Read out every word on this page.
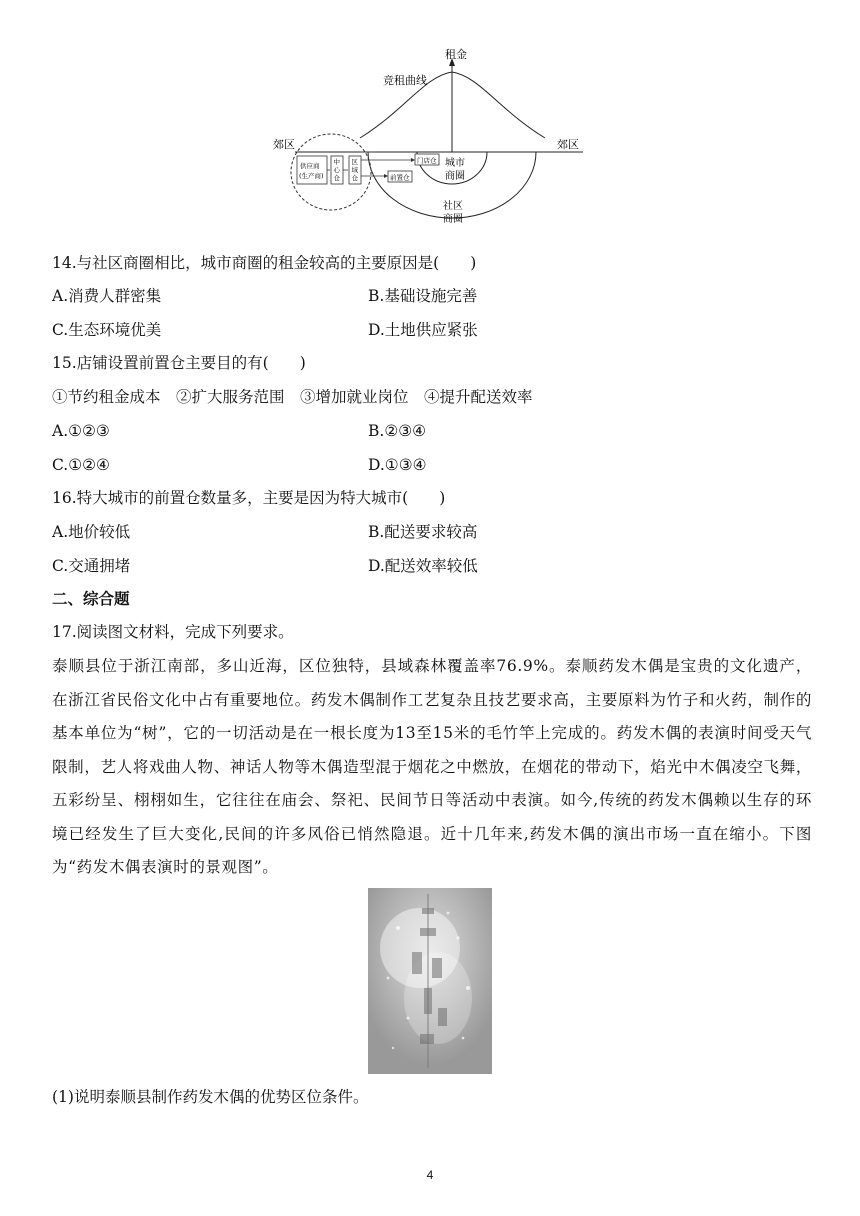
租金
竞租曲线
郊区	郊区
社区
商圈
城市
商圈
供应商
(生产商)
中
心
仓
区
域
仓
门店仓
前置仓
14.与社区商圈相比，城市商圈的租金较高的主要原因是(　　)
A.消费人群密集	B.基础设施完善
C.生态环境优美	D.土地供应紧张
15.店铺设置前置仓主要目的有(　　)
①节约租金成本　②扩大服务范围　③增加就业岗位　④提升配送效率
A.①②③	B.②③④
C.①②④	D.①③④
16.特大城市的前置仓数量多，主要是因为特大城市(　　)
A.地价较低	B.配送要求较高
C.交通拥堵	D.配送效率较低
二、综合题
17.阅读图文材料，完成下列要求。
泰顺县位于浙江南部，多山近海，区位独特，县域森林覆盖率76.9%。泰顺药发木偶是宝贵的文化遗产，在浙江省民俗文化中占有重要地位。药发木偶制作工艺复杂且技艺要求高，主要原料为竹子和火药，制作的基本单位为“树”，它的一切活动是在一根长度为13至15米的毛竹竿上完成的。药发木偶的表演时间受天气限制，艺人将戏曲人物、神话人物等木偶造型混于烟花之中燃放，在烟花的带动下，焰光中木偶凌空飞舞，五彩纷呈、栩栩如生，它往往在庙会、祭祀、民间节日等活动中表演。如今,传统的药发木偶赖以生存的环境已经发生了巨大变化,民间的许多风俗已悄然隐退。近十几年来,药发木偶的演出市场一直在缩小。下图为“药发木偶表演时的景观图”。
(1)说明泰顺县制作药发木偶的优势区位条件。
4
